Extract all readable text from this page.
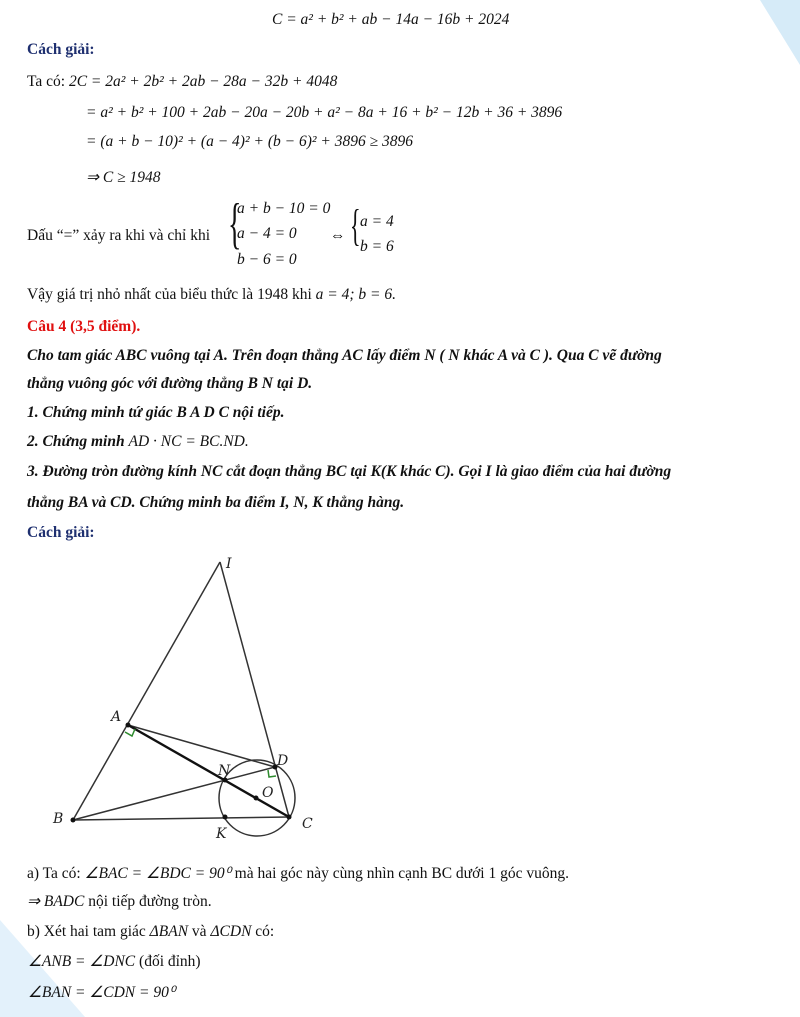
C = a² + b² + ab − 14a − 16b + 2024
Cách giải:
Ta có: 2C = 2a² + 2b² + 2ab − 28a − 32b + 4048
= a² + b² + 100 + 2ab − 20a − 20b + a² − 8a + 16 + b² − 12b + 36 + 3896
= (a + b − 10)² + (a − 4)² + (b − 6)² + 3896 ≥ 3896
⇒ C ≥ 1948
Dấu “=” xảy ra khi và chỉ khi {
a + b − 10 = 0
a − 4 = 0
b − 6 = 0
⇔ { a = 4
b = 6
Vậy giá trị nhỏ nhất của biểu thức là 1948 khi a = 4; b = 6.
Câu 4 (3,5 điểm).
Cho tam giác ABC vuông tại A. Trên đoạn thẳng AC lấy điểm N ( N khác A và C ). Qua C vẽ đường
thẳng vuông góc với đường thẳng B N tại D.
1. Chứng minh tứ giác B A D C nội tiếp.
2. Chứng minh AD · NC = BC.ND.
3. Đường tròn đường kính NC cắt đoạn thẳng BC tại K(K khác C). Gọi I là giao điểm của hai đường
thẳng BA và CD. Chứng minh ba điểm I, N, K thẳng hàng.
Cách giải:
I
A
D
N
O
B
K
C
a) Ta có: ∠BAC = ∠BDC = 90⁰ mà hai góc này cùng nhìn cạnh BC dưới 1 góc vuông.
⇒ BADC nội tiếp đường tròn.
b) Xét hai tam giác ΔBAN và ΔCDN có:
∠ANB = ∠DNC (đối đỉnh)
∠BAN = ∠CDN = 90⁰
